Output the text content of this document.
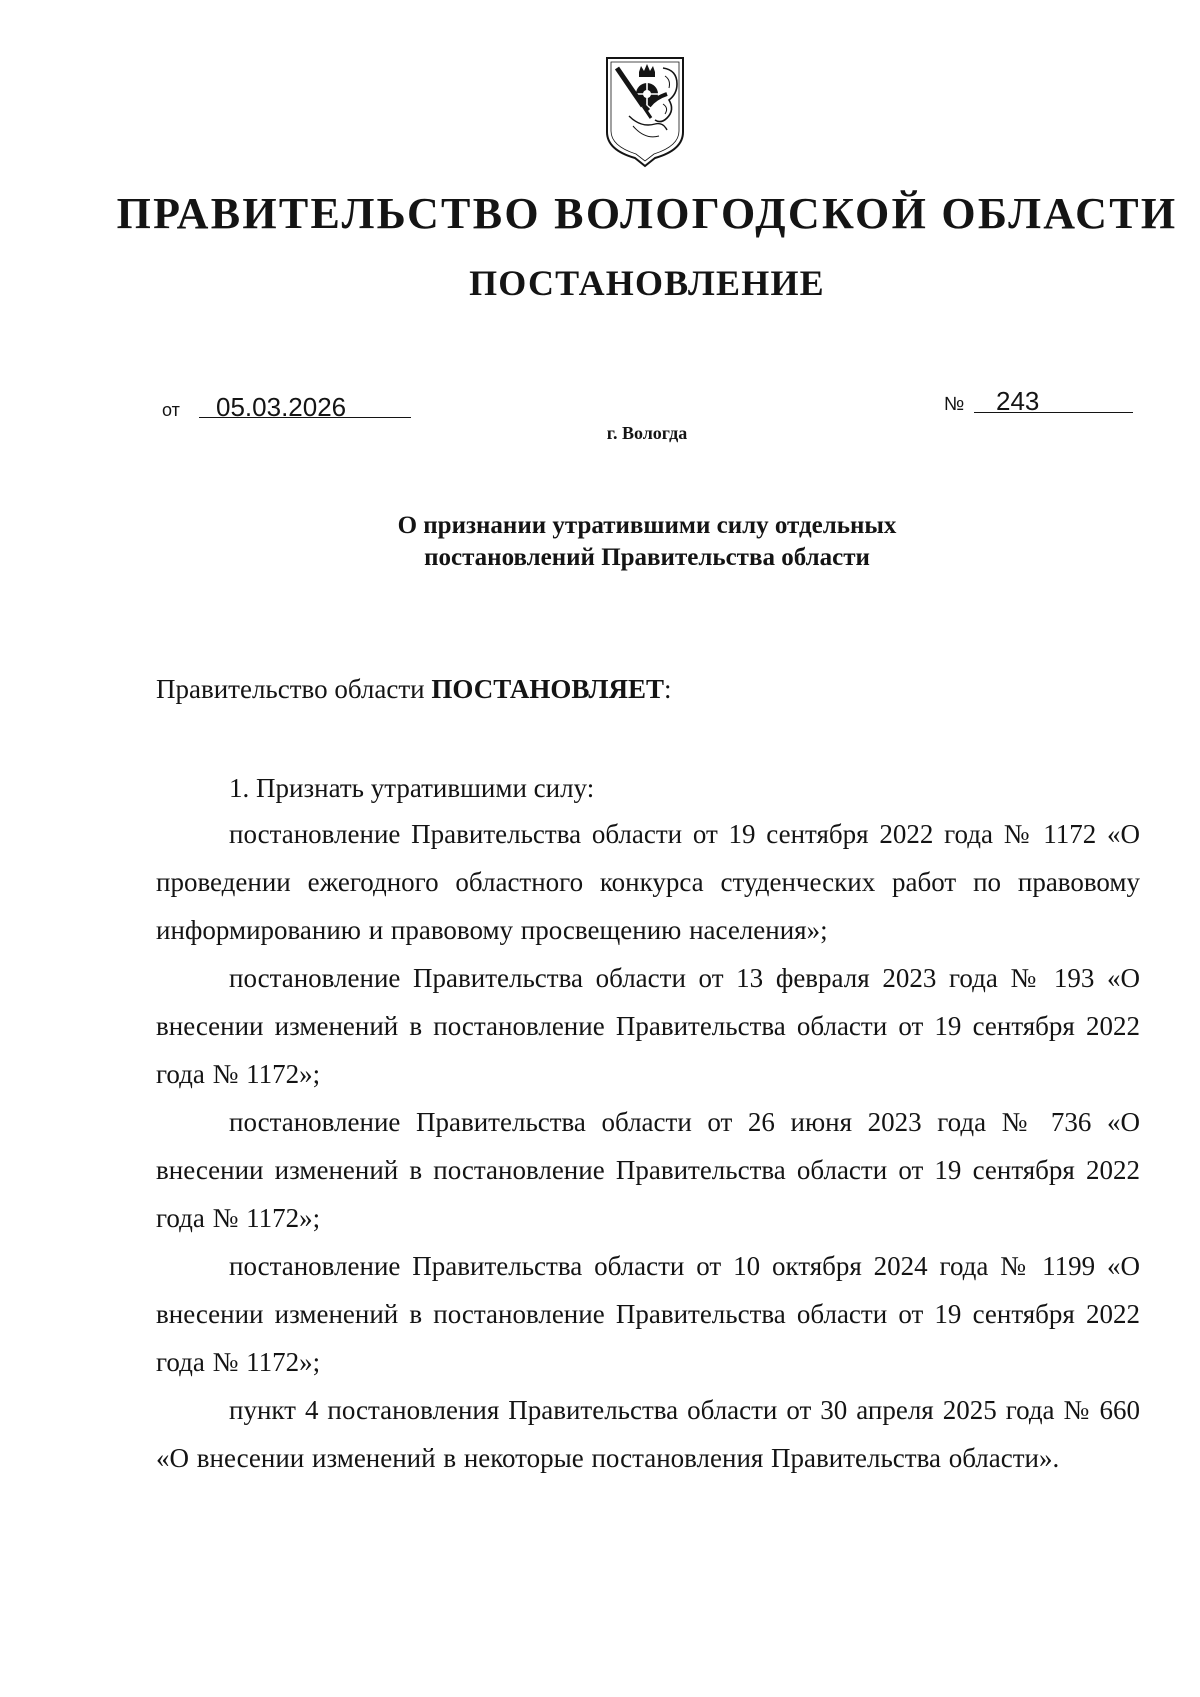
ПРАВИТЕЛЬСТВО ВОЛОГОДСКОЙ ОБЛАСТИ
ПОСТАНОВЛЕНИЕ
от 05.03.2026	№ 243
г. Вологда
О признании утратившими силу отдельных
постановлений Правительства области
Правительство области ПОСТАНОВЛЯЕТ:
1. Признать утратившими силу:

постановление Правительства области от 19 сентября 2022 года № 1172 «О проведении ежегодного областного конкурса студенческих работ по правовому информированию и правовому просвещению населения»;

постановление Правительства области от 13 февраля 2023 года № 193 «О внесении изменений в постановление Правительства области от 19 сентября 2022 года № 1172»;

постановление Правительства области от 26 июня 2023 года № 736 «О внесении изменений в постановление Правительства области от 19 сентября 2022 года № 1172»;

постановление Правительства области от 10 октября 2024 года № 1199 «О внесении изменений в постановление Правительства области от 19 сентября 2022 года № 1172»;

пункт 4 постановления Правительства области от 30 апреля 2025 года № 660 «О внесении изменений в некоторые постановления Правительства области».
